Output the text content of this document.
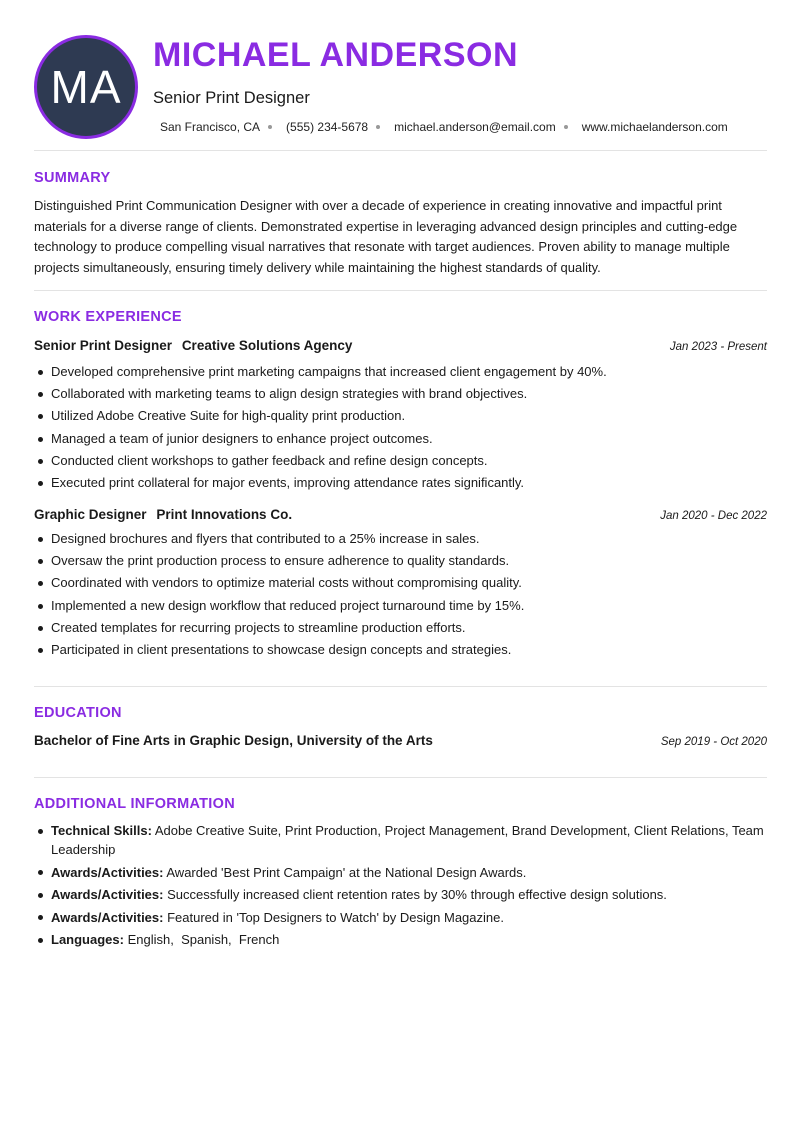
MA
MICHAEL ANDERSON
Senior Print Designer
San Francisco, CA (555) 234-5678 michael.anderson@email.com www.michaelanderson.com
SUMMARY

Distinguished Print Communication Designer with over a decade of experience in creating innovative and impactful print materials for a diverse range of clients. Demonstrated expertise in leveraging advanced design principles and cutting-edge technology to produce compelling visual narratives that resonate with target audiences. Proven ability to manage multiple projects simultaneously, ensuring timely delivery while maintaining the highest standards of quality.

WORK EXPERIENCE
Senior Print Designer Creative Solutions Agency	Jan 2023 - Present
Developed comprehensive print marketing campaigns that increased client engagement by 40%.
Collaborated with marketing teams to align design strategies with brand objectives.
Utilized Adobe Creative Suite for high-quality print production.
Managed a team of junior designers to enhance project outcomes.
Conducted client workshops to gather feedback and refine design concepts.
Executed print collateral for major events, improving attendance rates significantly.
Graphic Designer Print Innovations Co.	Jan 2020 - Dec 2022
Designed brochures and flyers that contributed to a 25% increase in sales.
Oversaw the print production process to ensure adherence to quality standards.
Coordinated with vendors to optimize material costs without compromising quality.
Implemented a new design workflow that reduced project turnaround time by 15%.
Created templates for recurring projects to streamline production efforts.
Participated in client presentations to showcase design concepts and strategies.
EDUCATION
Bachelor of Fine Arts in Graphic Design, University of the Arts	Sep 2019 - Oct 2020
ADDITIONAL INFORMATION
Technical Skills: Adobe Creative Suite, Print Production, Project Management, Brand Development, Client Relations, Team Leadership
Awards/Activities: Awarded 'Best Print Campaign' at the National Design Awards.
Awards/Activities: Successfully increased client retention rates by 30% through effective design solutions.
Awards/Activities: Featured in 'Top Designers to Watch' by Design Magazine.
Languages: English,  Spanish,  French
